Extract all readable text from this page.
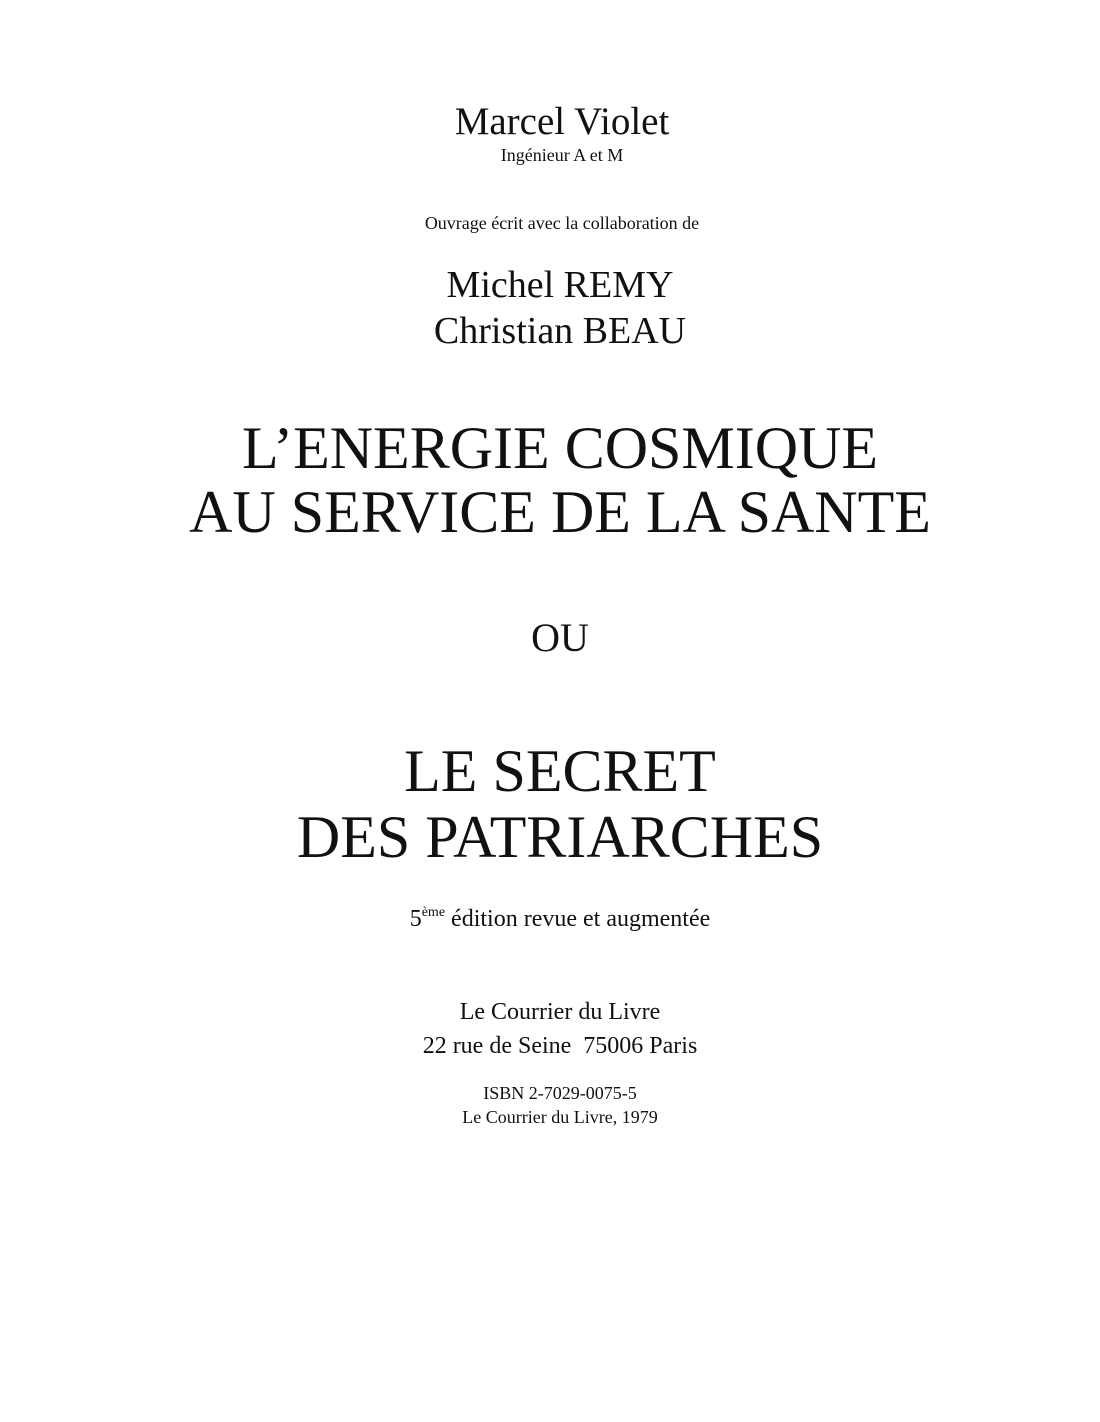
Marcel Violet
Ingénieur A et M
Ouvrage écrit avec la collaboration de
Michel REMY
Christian BEAU
L’ENERGIE COSMIQUE
AU SERVICE DE LA SANTE
OU
LE SECRET
DES PATRIARCHES
5ème édition revue et augmentée
Le Courrier du Livre
22 rue de Seine  75006 Paris
ISBN 2-7029-0075-5
Le Courrier du Livre, 1979
